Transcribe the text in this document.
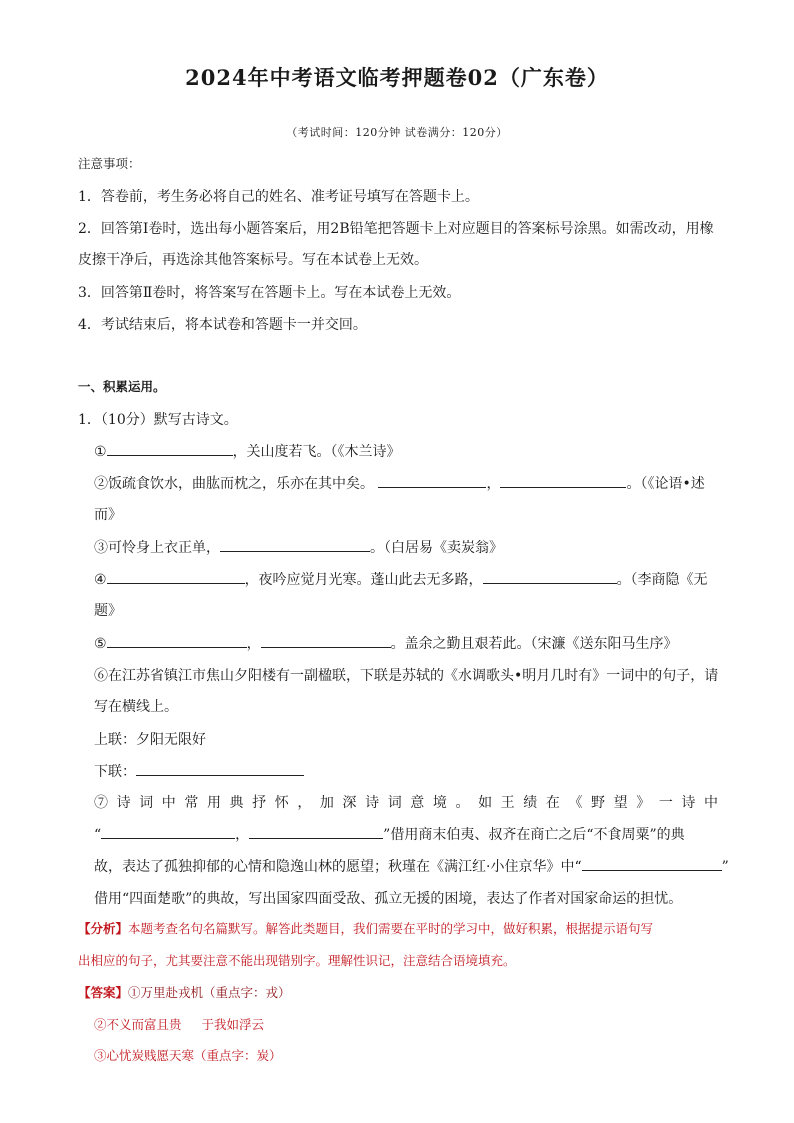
2024年中考语文临考押题卷02（广东卷）
（考试时间：120分钟 试卷满分：120分）
注意事项：
1．答卷前，考生务必将自己的姓名、准考证号填写在答题卡上。
2．回答第Ⅰ卷时，选出每小题答案后，用2B铅笔把答题卡上对应题目的答案标号涂黑。如需改动，用橡
皮擦干净后，再选涂其他答案标号。写在本试卷上无效。
3．回答第Ⅱ卷时，将答案写在答题卡上。写在本试卷上无效。
4．考试结束后，将本试卷和答题卡一并交回。
一、积累运用。
1．（10分）默写古诗文。
①	，关山度若飞。（《木兰诗》
②饭疏食饮水，曲肱而枕之，乐亦在其中矣。	，	。（《论语•述
而》
③可怜身上衣正单，	。（白居易《卖炭翁》
④	，夜吟应觉月光寒。蓬山此去无多路，	。（李商隐《无
题》
⑤	，	。盖余之勤且艰若此。（宋濂《送东阳马生序》
⑥在江苏省镇江市焦山夕阳楼有一副楹联，下联是苏轼的《水调歌头•明月几时有》一词中的句子，请
写在横线上。
上联：夕阳无限好
下联：
⑦诗词中常用典抒怀，加深诗词意境。如王绩在《野望》一诗中
“	，	”借用商末伯夷、叔齐在商亡之后“不食周粟”的典
故，表达了孤独抑郁的心情和隐逸山林的愿望；秋瑾在《满江红·小住京华》中“	”
借用“四面楚歌”的典故，写出国家四面受敌、孤立无援的困境，表达了作者对国家命运的担忧。
【分析】本题考查名句名篇默写。解答此类题目，我们需要在平时的学习中，做好积累，根据提示语句写
出相应的句子，尤其要注意不能出现错别字。理解性识记，注意结合语境填充。
【答案】①万里赴戎机（重点字：戎）
②不义而富且贵 于我如浮云
③心忧炭贱愿天寒（重点字：炭）
